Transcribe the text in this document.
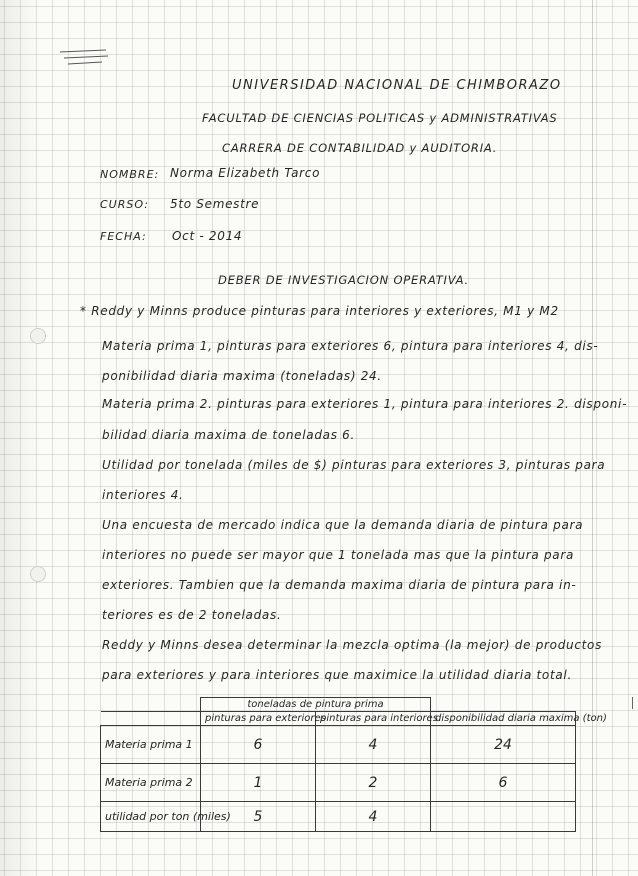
UNIVERSIDAD NACIONAL DE CHIMBORAZO
FACULTAD DE CIENCIAS POLITICAS y ADMINISTRATIVAS
CARRERA DE CONTABILIDAD y AUDITORIA.
NOMBRE: Norma Elizabeth Tarco
CURSO: 5to Semestre
FECHA: Oct - 2014
DEBER DE INVESTIGACION OPERATIVA.
* Reddy y Minns produce pinturas para interiores y exteriores, M1 y M2
Materia prima 1, pinturas para exteriores 6, pintura para interiores 4, dis-
ponibilidad diaria maxima (toneladas) 24.
Materia prima 2. pinturas para exteriores 1, pintura para interiores 2. disponi-
bilidad diaria maxima de toneladas 6.
Utilidad por tonelada (miles de $) pinturas para exteriores 3, pinturas para
interiores 4.
Una encuesta de mercado indica que la demanda diaria de pintura para
interiores no puede ser mayor que 1 tonelada mas que la pintura para
exteriores. Tambien que la demanda maxima diaria de pintura para in-
teriores es de 2 toneladas.
Reddy y Minns desea determinar la mezcla optima (la mejor) de productos
para exteriores y para interiores que maximice la utilidad diaria total.
	toneladas de pintura prima		
	pinturas para exteriores	pinturas para interiores	disponibilidad diaria maxima (ton)
Materia prima 1	6	4	24
Materia prima 2	1	2	6
utilidad por ton (miles)	5	4	
